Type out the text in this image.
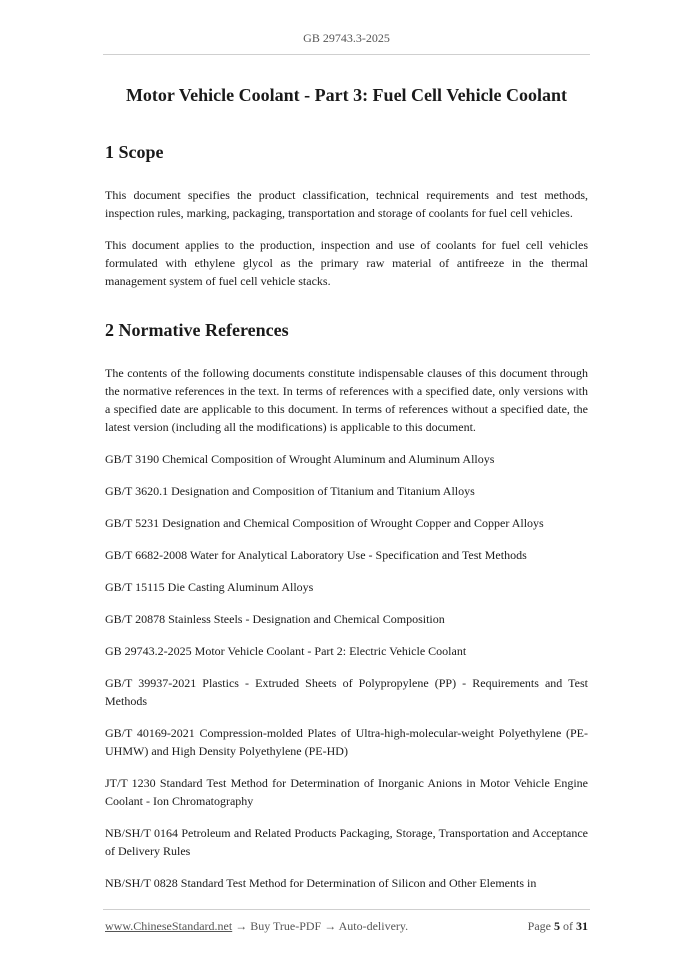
GB 29743.3-2025
Motor Vehicle Coolant - Part 3: Fuel Cell Vehicle Coolant
1 Scope

This document specifies the product classification, technical requirements and test methods, inspection rules, marking, packaging, transportation and storage of coolants for fuel cell vehicles.

This document applies to the production, inspection and use of coolants for fuel cell vehicles formulated with ethylene glycol as the primary raw material of antifreeze in the thermal management system of fuel cell vehicle stacks.

2 Normative References

The contents of the following documents constitute indispensable clauses of this document through the normative references in the text. In terms of references with a specified date, only versions with a specified date are applicable to this document. In terms of references without a specified date, the latest version (including all the modifications) is applicable to this document.

GB/T 3190 Chemical Composition of Wrought Aluminum and Aluminum Alloys

GB/T 3620.1 Designation and Composition of Titanium and Titanium Alloys

GB/T 5231 Designation and Chemical Composition of Wrought Copper and Copper Alloys

GB/T 6682-2008 Water for Analytical Laboratory Use - Specification and Test Methods

GB/T 15115 Die Casting Aluminum Alloys

GB/T 20878 Stainless Steels - Designation and Chemical Composition

GB 29743.2-2025 Motor Vehicle Coolant - Part 2: Electric Vehicle Coolant

GB/T 39937-2021 Plastics - Extruded Sheets of Polypropylene (PP) - Requirements and Test Methods

GB/T 40169-2021 Compression-molded Plates of Ultra-high-molecular-weight Polyethylene (PE-UHMW) and High Density Polyethylene (PE-HD)

JT/T 1230 Standard Test Method for Determination of Inorganic Anions in Motor Vehicle Engine Coolant - Ion Chromatography

NB/SH/T 0164 Petroleum and Related Products Packaging, Storage, Transportation and Acceptance of Delivery Rules

NB/SH/T 0828 Standard Test Method for Determination of Silicon and Other Elements in

www.ChineseStandard.net → Buy True-PDF → Auto-delivery.	Page 5 of 31
